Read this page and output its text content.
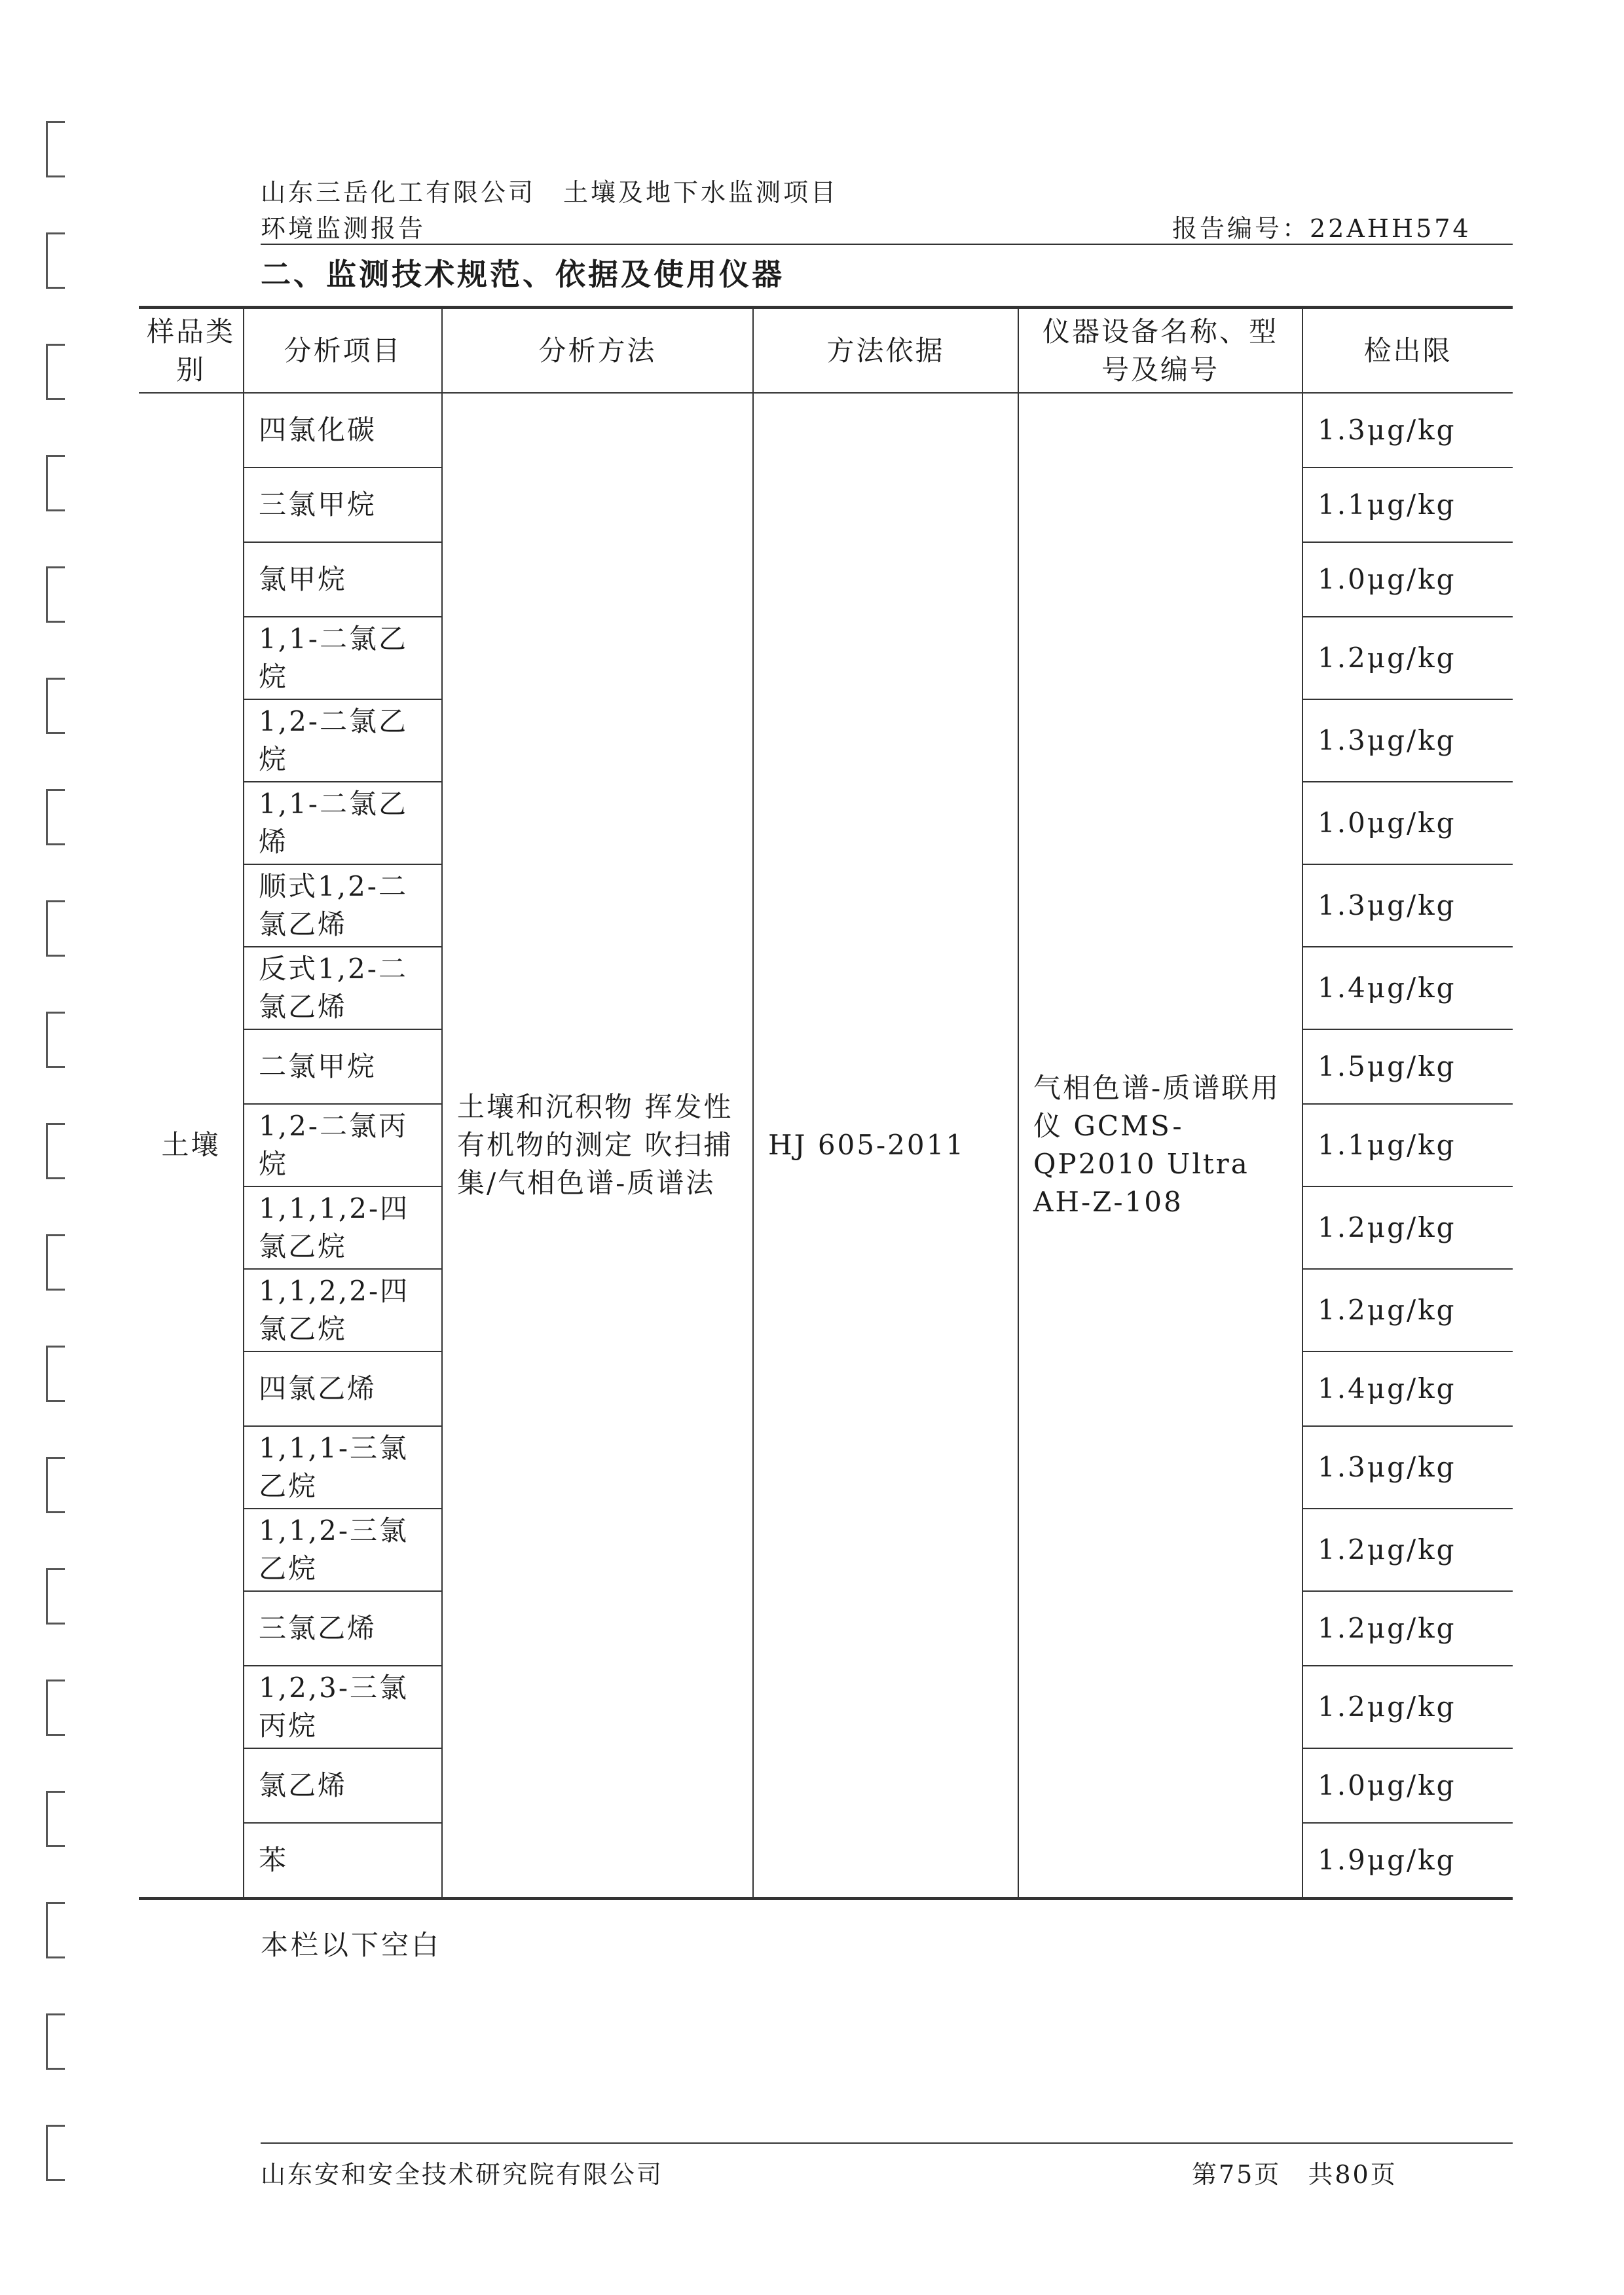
山东三岳化工有限公司　土壤及地下水监测项目
环境监测报告	报告编号：22AHH574
二、监测技术规范、依据及使用仪器
样品类别	分析项目	分析方法	方法依据	仪器设备名称、型号及编号	检出限
土壤	四氯化碳	土壤和沉积物 挥发性有机物的测定 吹扫捕集/气相色谱-质谱法	HJ 605-2011	气相色谱-质谱联用仪 GCMS-QP2010 Ultra AH-Z-108	1.3μg/kg
	三氯甲烷				1.1μg/kg
	氯甲烷				1.0μg/kg
	1,1-二氯乙烷				1.2μg/kg
	1,2-二氯乙烷				1.3μg/kg
	1,1-二氯乙烯				1.0μg/kg
	顺式1,2-二氯乙烯				1.3μg/kg
	反式1,2-二氯乙烯				1.4μg/kg
	二氯甲烷				1.5μg/kg
	1,2-二氯丙烷				1.1μg/kg
	1,1,1,2-四氯乙烷				1.2μg/kg
	1,1,2,2-四氯乙烷				1.2μg/kg
	四氯乙烯				1.4μg/kg
	1,1,1-三氯乙烷				1.3μg/kg
	1,1,2-三氯乙烷				1.2μg/kg
	三氯乙烯				1.2μg/kg
	1,2,3-三氯丙烷				1.2μg/kg
	氯乙烯				1.0μg/kg
	苯				1.9μg/kg
本栏以下空白
山东安和安全技术研究院有限公司	第75页　共80页
